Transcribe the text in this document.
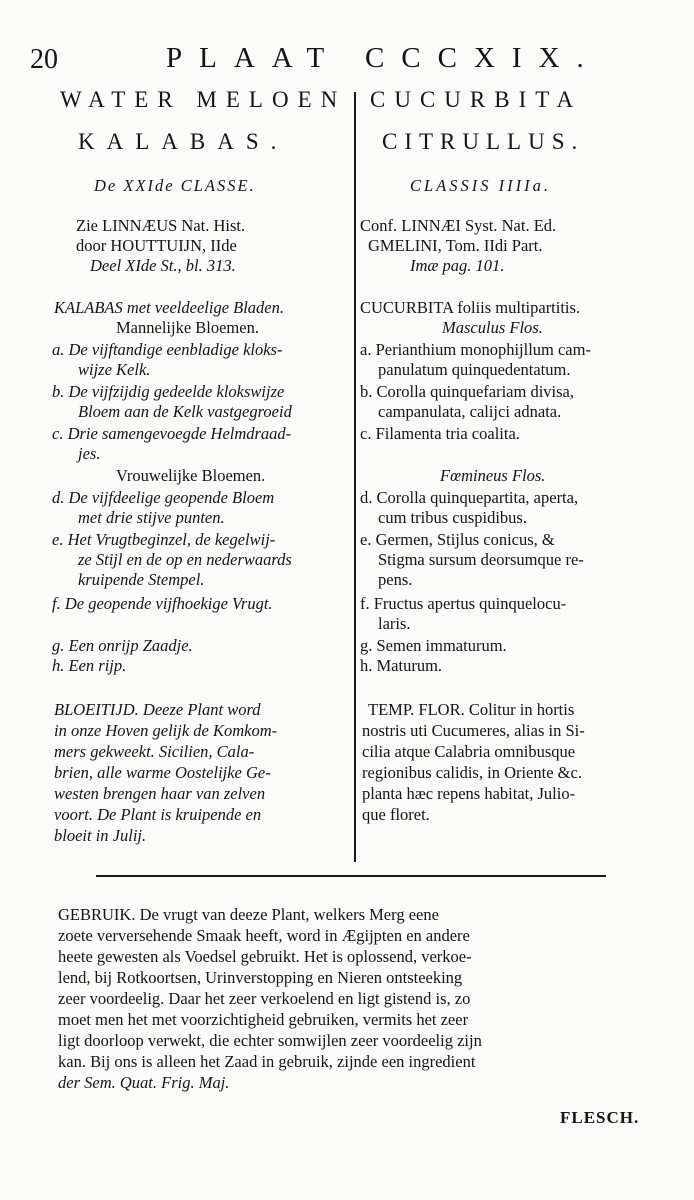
20	PLAAT CCCXIX.
WATER MELOEN
KALABAS.
De XXIde CLASSE.
Zie LINNÆUS Nat. Hist.
door HOUTTUIJN, IIde
Deel XIde St., bl. 313.
KALABAS met veeldeelige Bladen.
Mannelijke Bloemen.
a. De vijftandige eenbladige kloks-
wijze Kelk.
b. De vijfzijdig gedeelde klokswijze
Bloem aan de Kelk vastgegroeid
c. Drie samengevoegde Helmdraad-
jes.
Vrouwelijke Bloemen.
d. De vijfdeelige geopende Bloem
met drie stijve punten.
e. Het Vrugtbeginzel, de kegelwij-
ze Stijl en de op en nederwaards
kruipende Stempel.
f. De geopende vijfhoekige Vrugt.
g. Een onrijp Zaadje.
h. Een rijp.
BLOEITIJD. Deeze Plant word
in onze Hoven gelijk de Komkom-
mers gekweekt. Sicilien, Cala-
brien, alle warme Oostelijke Ge-
westen brengen haar van zelven
voort. De Plant is kruipende en
bloeit in Julij.
CUCURBITA
CITRULLUS.
CLASSIS IIIIa.
Conf. LINNÆI Syst. Nat. Ed.
GMELINI, Tom. IIdi Part.
Imæ pag. 101.
CUCURBITA foliis multipartitis.
Masculus Flos.
a. Perianthium monophijllum cam-
panulatum quinquedentatum.
b. Corolla quinquefariam divisa,
campanulata, calijci adnata.
c. Filamenta tria coalita.
Fœmineus Flos.
d. Corolla quinquepartita, aperta,
cum tribus cuspidibus.
e. Germen, Stijlus conicus, &
Stigma sursum deorsumque re-
pens.
f. Fructus apertus quinquelocu-
laris.
g. Semen immaturum.
h. Maturum.
TEMP. FLOR. Colitur in hortis
nostris uti Cucumeres, alias in Si-
cilia atque Calabria omnibusque
regionibus calidis, in Oriente &c.
planta hæc repens habitat, Julio-
que floret.
GEBRUIK. De vrugt van deeze Plant, welkers Merg eene
zoete verversehende Smaak heeft, word in Ægijpten en andere
heete gewesten als Voedsel gebruikt. Het is oplossend, verkoe-
lend, bij Rotkoortsen, Urinverstopping en Nieren ontsteeking
zeer voordeelig. Daar het zeer verkoelend en ligt gistend is, zo
moet men het met voorzichtigheid gebruiken, vermits het zeer
ligt doorloop verwekt, die echter somwijlen zeer voordeelig zijn
kan. Bij ons is alleen het Zaad in gebruik, zijnde een ingredient
der Sem. Quat. Frig. Maj.
FLESCH.
